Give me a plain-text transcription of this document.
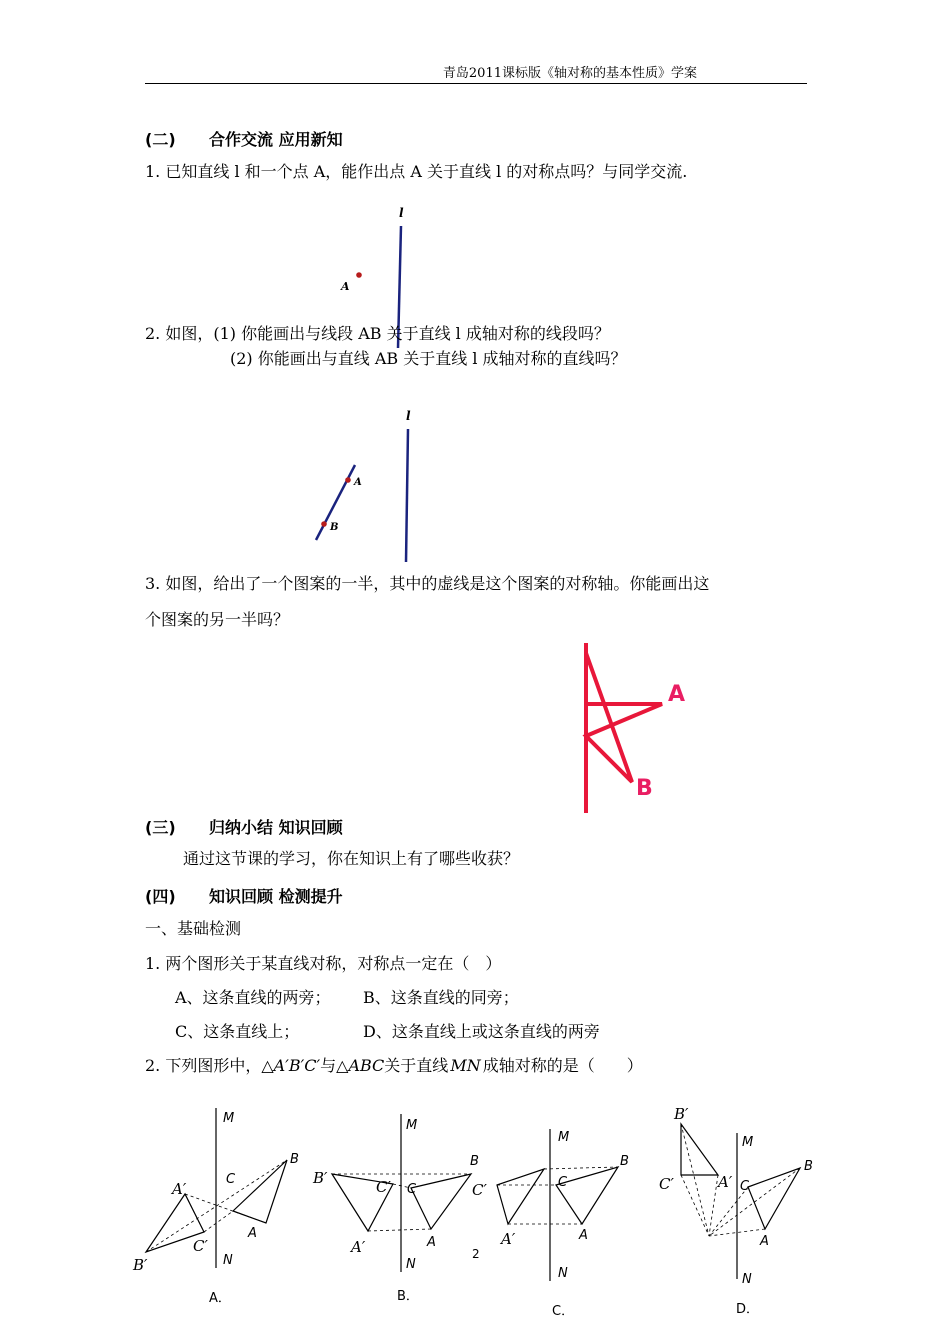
青岛2011课标版《轴对称的基本性质》学案
(二) 合作交流 应用新知
1. 已知直线 l 和一个点 A，能作出点 A 关于直线 l 的对称点吗？与同学交流.
l
A
2. 如图，(1) 你能画出与线段 AB 关于直线 l 成轴对称的线段吗？
(2) 你能画出与直线 AB 关于直线 l 成轴对称的直线吗？
l
A
B
3. 如图，给出了一个图案的一半，其中的虚线是这个图案的对称轴。你能画出这
个图案的另一半吗？
A
B
(三) 归纳小结 知识回顾
通过这节课的学习，你在知识上有了哪些收获？
(四) 知识回顾 检测提升
一、基础检测
1. 两个图形关于某直线对称，对称点一定在（　）
A、这条直线的两旁； B、这条直线的同旁；
C、这条直线上；	D、这条直线上或这条直线的两旁
2. 下列图形中，△A′B′C′与△ABC关于直线 MN 成轴对称的是（　　）
M
N
B
C
A
A′
C′
B′
A．
M
N
B′	C′ C
B
A′	A
B．
M
N
C′	C
B
A′	A
C．
M
N
B′
C′	A′ C
B
A
D．
2
